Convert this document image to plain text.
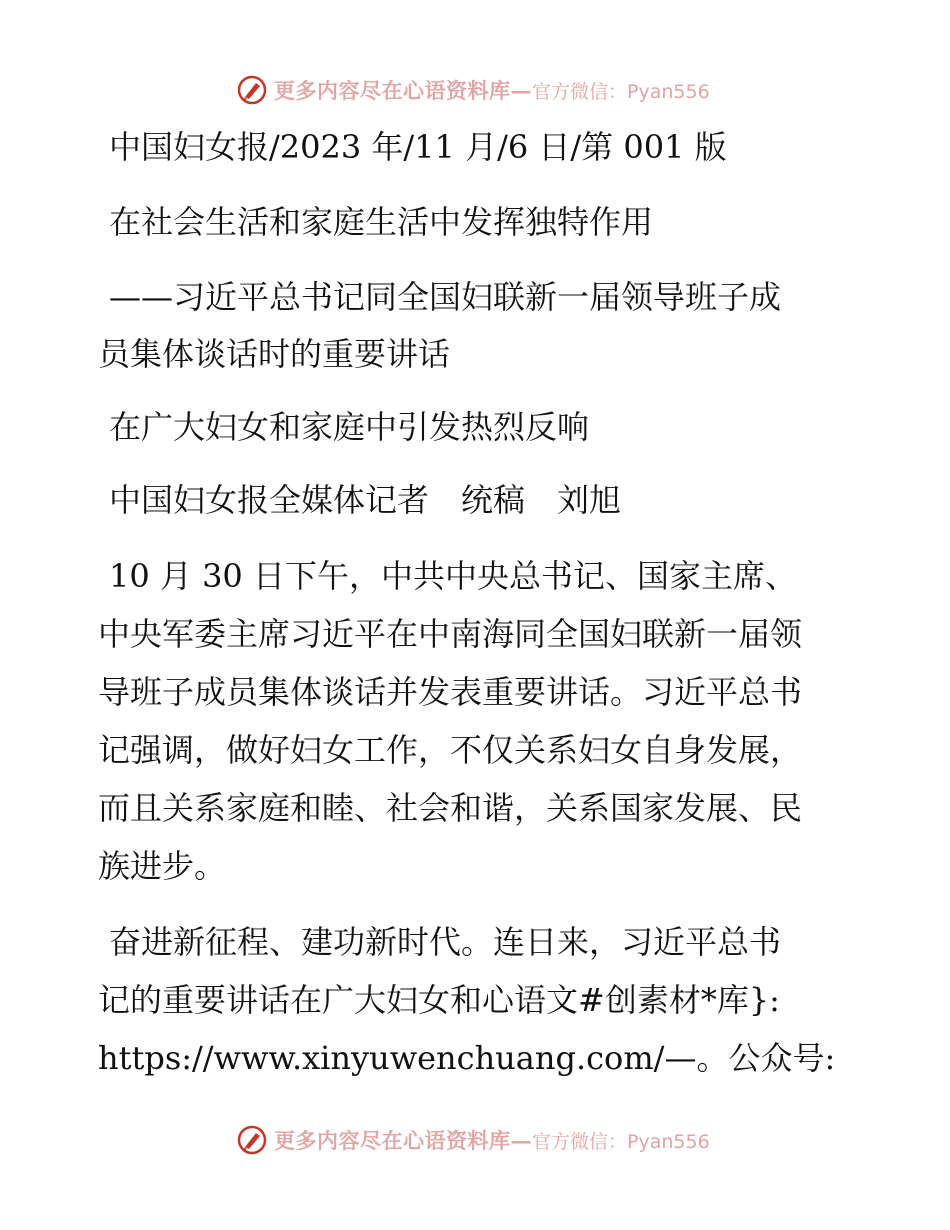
更多内容尽在心语资料库— 官方微信：Pyan556
中国妇女报/2023 年/11 月/6 日/第 001 版
在社会生活和家庭生活中发挥独特作用
——习近平总书记同全国妇联新一届领导班子成
员集体谈话时的重要讲话
在广大妇女和家庭中引发热烈反响
中国妇女报全媒体记者　统稿　刘旭
10 月 30 日下午，中共中央总书记、国家主席、
中央军委主席习近平在中南海同全国妇联新一届领
导班子成员集体谈话并发表重要讲话。习近平总书
记强调，做好妇女工作，不仅关系妇女自身发展，
而且关系家庭和睦、社会和谐，关系国家发展、民
族进步。
奋进新征程、建功新时代。连日来，习近平总书
记的重要讲话在广大妇女和心语文#创素材*库}:
https://www.xinyuwenchuang.com/—。公众号:
更多内容尽在心语资料库— 官方微信：Pyan556
